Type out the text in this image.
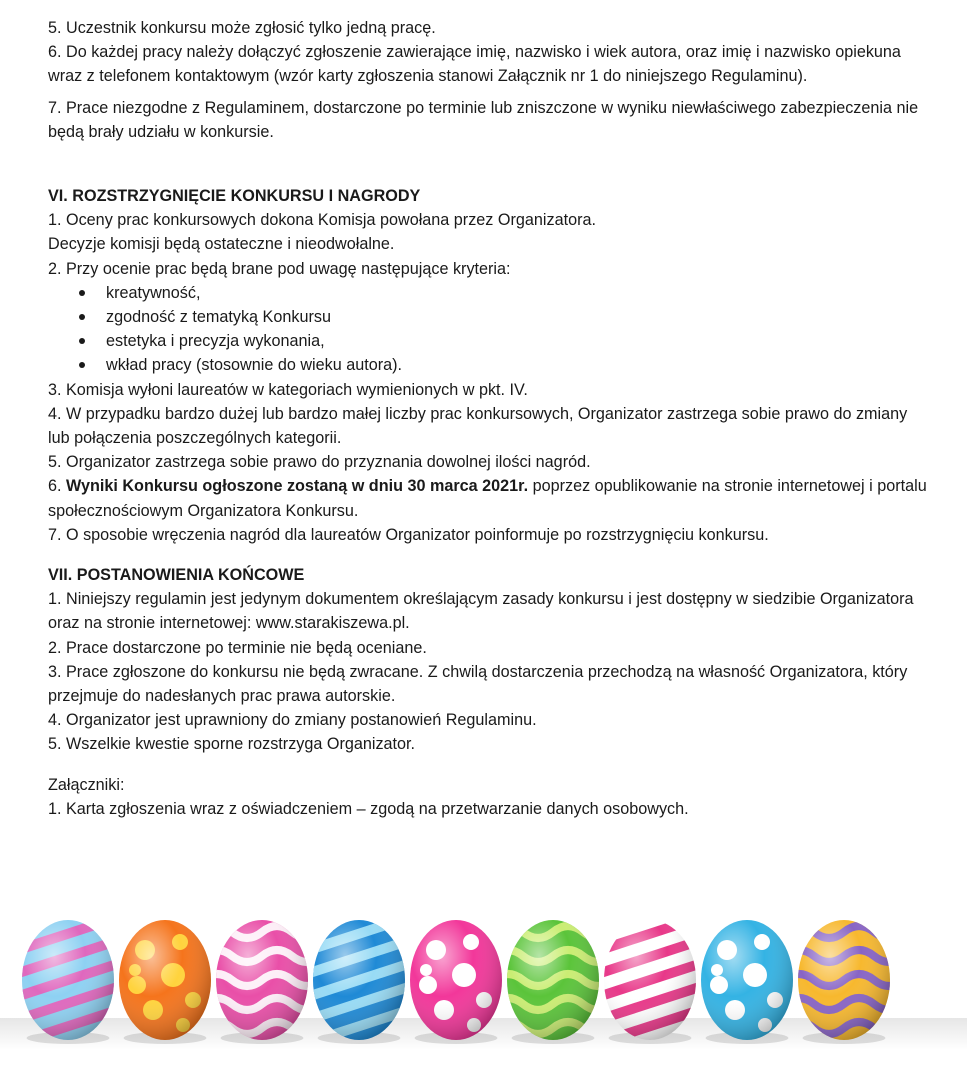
5. Uczestnik konkursu może zgłosić tylko jedną pracę.

6. Do każdej pracy należy dołączyć zgłoszenie zawierające imię, nazwisko i wiek autora, oraz imię i nazwisko opiekuna wraz z telefonem kontaktowym (wzór karty zgłoszenia stanowi Załącznik nr 1 do niniejszego Regulaminu).

7. Prace niezgodne z Regulaminem, dostarczone po terminie lub zniszczone w wyniku niewłaściwego zabezpieczenia nie będą brały udziału w konkursie.

VI. ROZSTRZYGNIĘCIE KONKURSU I NAGRODY

1. Oceny prac konkursowych dokona Komisja powołana przez Organizatora.

Decyzje komisji będą ostateczne i nieodwołalne.

2. Przy ocenie prac będą brane pod uwagę następujące kryteria:

kreatywność,
zgodność z tematyką Konkursu
estetyka i precyzja wykonania,
wkład pracy (stosownie do wieku autora).

3. Komisja wyłoni laureatów w kategoriach wymienionych w pkt. IV.

4. W przypadku bardzo dużej lub bardzo małej liczby prac konkursowych, Organizator zastrzega sobie prawo do zmiany lub połączenia poszczególnych kategorii.

5. Organizator zastrzega sobie prawo do przyznania dowolnej ilości nagród.

6. Wyniki Konkursu ogłoszone zostaną w dniu 30 marca 2021r. poprzez opublikowanie na stronie internetowej i portalu społecznościowym Organizatora Konkursu.

7. O sposobie wręczenia nagród dla laureatów Organizator poinformuje po rozstrzygnięciu konkursu.

VII. POSTANOWIENIA KOŃCOWE

1. Niniejszy regulamin jest jedynym dokumentem określającym zasady konkursu i jest dostępny w siedzibie Organizatora oraz na stronie internetowej: www.starakiszewa.pl.

2. Prace dostarczone po terminie nie będą oceniane.

3. Prace zgłoszone do konkursu nie będą zwracane. Z chwilą dostarczenia przechodzą na własność Organizatora, który przejmuje do nadesłanych prac prawa autorskie.

4. Organizator jest uprawniony do zmiany postanowień Regulaminu.

5. Wszelkie kwestie sporne rozstrzyga Organizator.

Załączniki:

1. Karta zgłoszenia wraz z oświadczeniem – zgodą na przetwarzanie danych osobowych.
